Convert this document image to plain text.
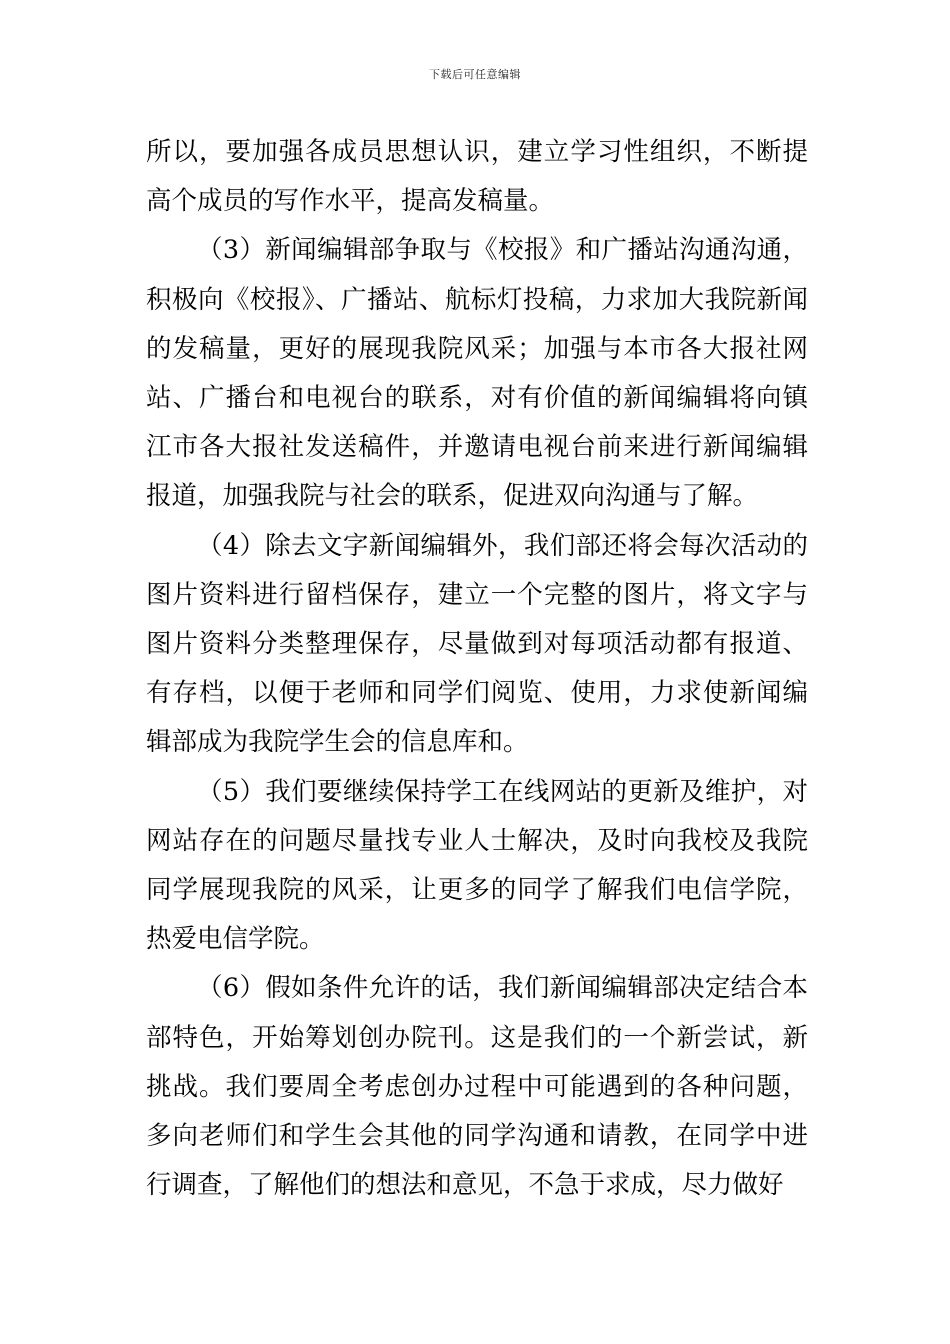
下载后可任意编辑

所以，要加强各成员思想认识，建立学习性组织，不断提高个成员的写作水平，提高发稿量。

（3）新闻编辑部争取与《校报》和广播站沟通沟通，积极向《校报》、广播站、航标灯投稿，力求加大我院新闻的发稿量，更好的展现我院风采；加强与本市各大报社网站、广播台和电视台的联系，对有价值的新闻编辑将向镇江市各大报社发送稿件，并邀请电视台前来进行新闻编辑报道，加强我院与社会的联系，促进双向沟通与了解。

（4）除去文字新闻编辑外，我们部还将会每次活动的图片资料进行留档保存，建立一个完整的图片，将文字与图片资料分类整理保存，尽量做到对每项活动都有报道、有存档，以便于老师和同学们阅览、使用，力求使新闻编辑部成为我院学生会的信息库和。

（5）我们要继续保持学工在线网站的更新及维护，对网站存在的问题尽量找专业人士解决，及时向我校及我院同学展现我院的风采，让更多的同学了解我们电信学院，热爱电信学院。

（6）假如条件允许的话，我们新闻编辑部决定结合本部特色，开始筹划创办院刊。这是我们的一个新尝试，新挑战。我们要周全考虑创办过程中可能遇到的各种问题，多向老师们和学生会其他的同学沟通和请教，在同学中进行调查，了解他们的想法和意见，不急于求成，尽力做好
